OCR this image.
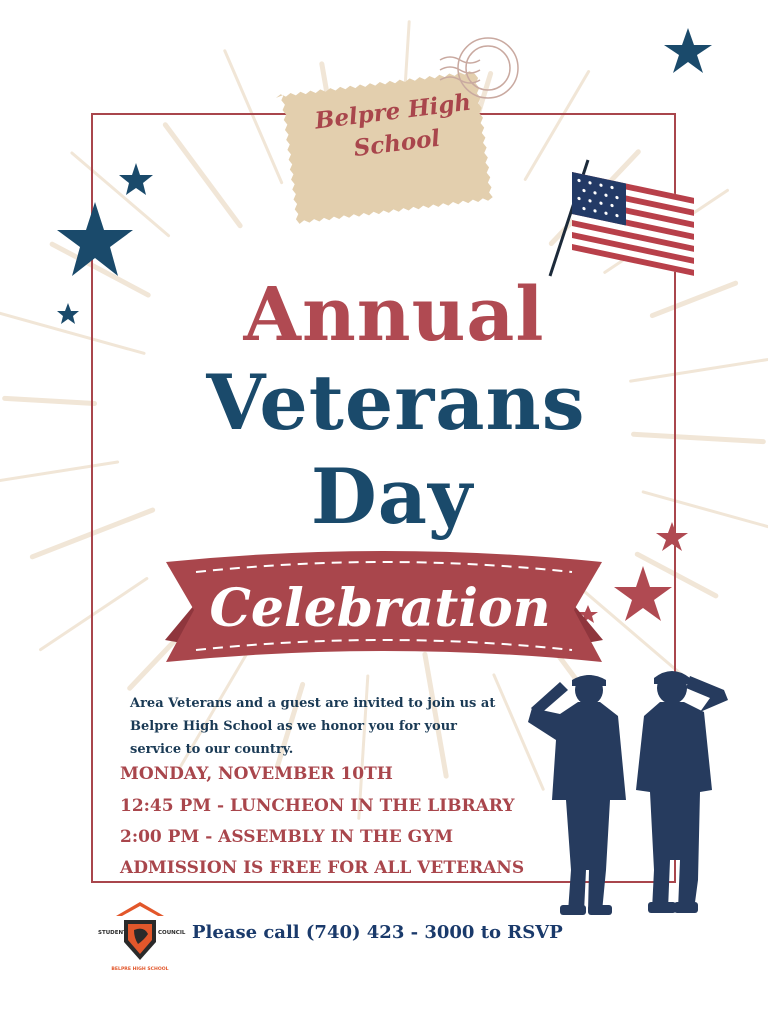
Belpre High
School
Annual
Veterans
Day
Celebration
Area Veterans and a guest are invited to join us at
Belpre High School as we honor you for your
service to our country.
MONDAY, NOVEMBER 10TH
12:45 PM - LUNCHEON IN THE LIBRARY
2:00 PM - ASSEMBLY IN THE GYM
ADMISSION IS FREE FOR ALL VETERANS
STUDENT	COUNCIL
BELPRE HIGH SCHOOL
Please call (740) 423 - 3000 to RSVP
